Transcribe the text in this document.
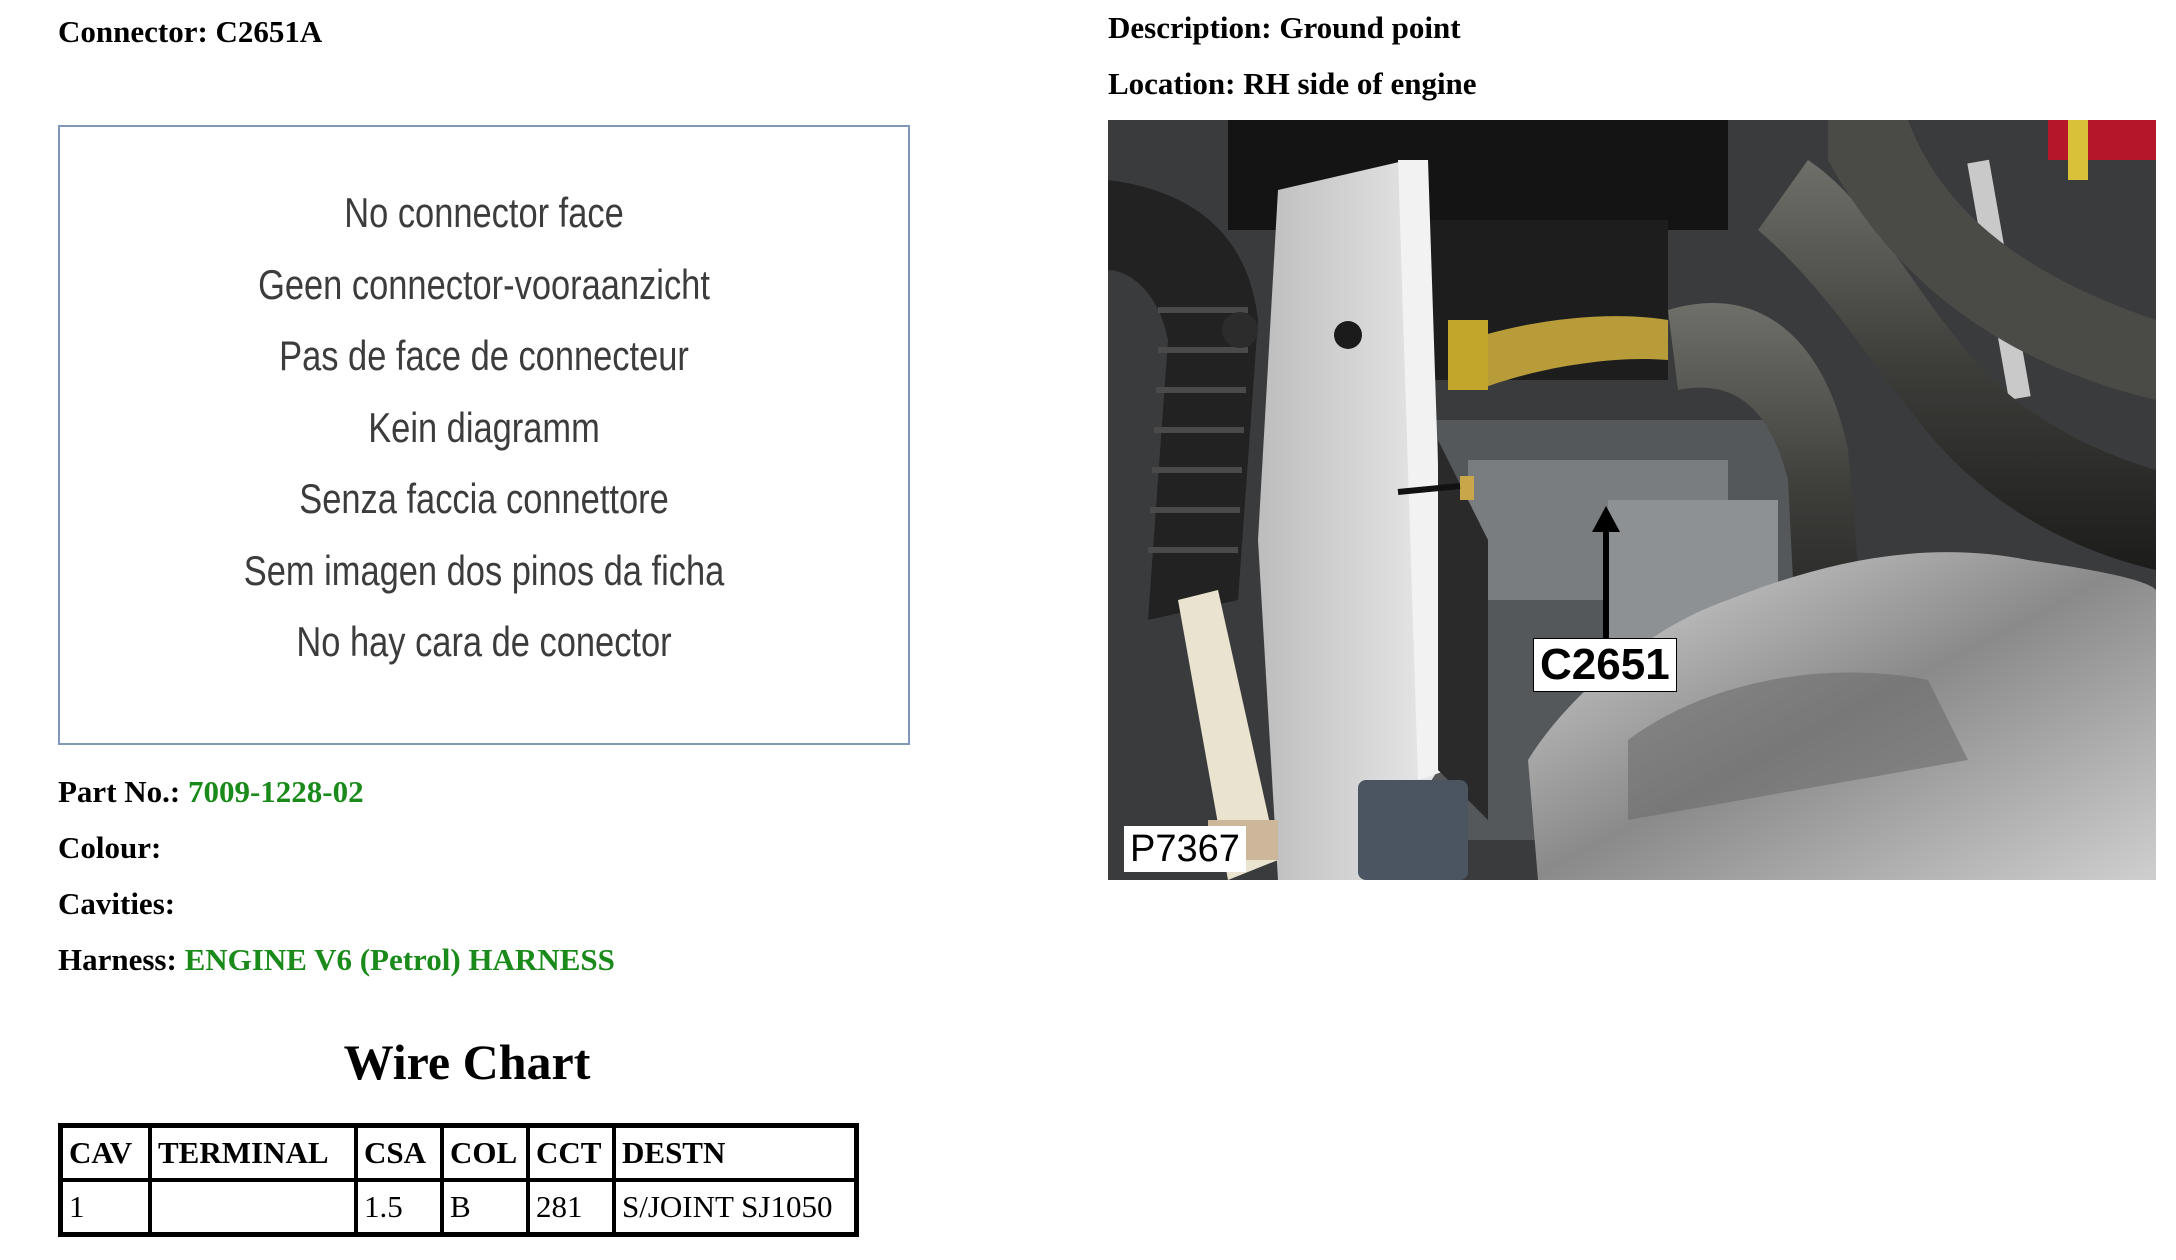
Connector: C2651A	Description: Ground point
Location: RH side of engine
No connector face
Geen connector-vooraanzicht
Pas de face de connecteur
Kein diagramm
Senza faccia connettore
Sem imagen dos pinos da ficha
No hay cara de conector
Part No.: 7009-1228-02
Colour:
Cavities:
Harness: ENGINE V6 (Petrol) HARNESS
Wire Chart
CAV	TERMINAL	CSA	COL	CCT	DESTN
1		1.5	B	281	S/JOINT SJ1050
C2651
P7367
